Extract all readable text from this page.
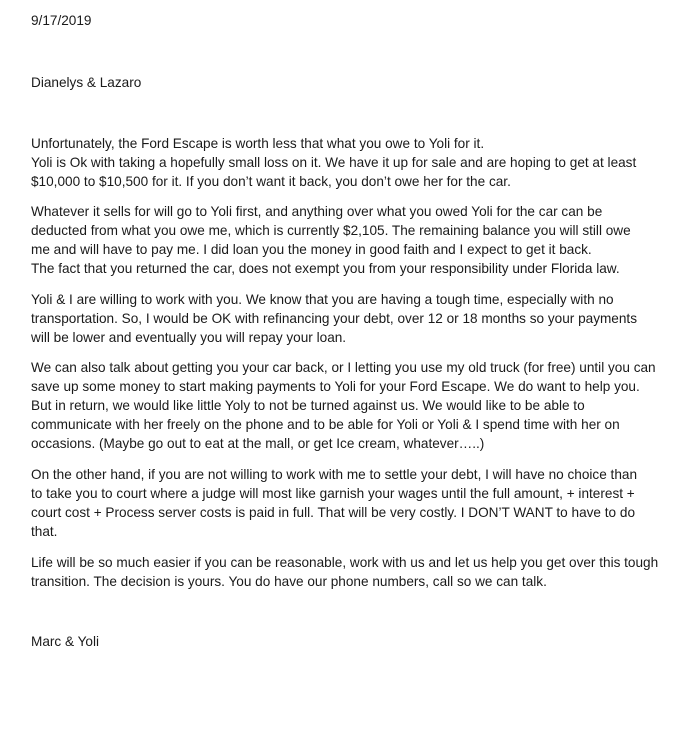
9/17/2019
Dianelys & Lazaro
Unfortunately, the Ford Escape is worth less that what you owe to Yoli for it.
Yoli is Ok with taking a hopefully small loss on it. We have it up for sale and are hoping to get at least
$10,000 to $10,500 for it. If you don’t want it back, you don’t owe her for the car.
Whatever it sells for will go to Yoli first, and anything over what you owed Yoli for the car can be
deducted from what you owe me, which is currently $2,105. The remaining balance you will still owe
me and will have to pay me. I did loan you the money in good faith and I expect to get it back.
The fact that you returned the car, does not exempt you from your responsibility under Florida law.
Yoli & I are willing to work with you. We know that you are having a tough time, especially with no
transportation. So, I would be OK with refinancing your debt, over 12 or 18 months so your payments
will be lower and eventually you will repay your loan.
We can also talk about getting you your car back, or I letting you use my old truck (for free) until you can
save up some money to start making payments to Yoli for your Ford Escape. We do want to help you.
But in return, we would like little Yoly to not be turned against us. We would like to be able to
communicate with her freely on the phone and to be able for Yoli or Yoli & I spend time with her on
occasions. (Maybe go out to eat at the mall, or get Ice cream, whatever…..)
On the other hand, if you are not willing to work with me to settle your debt, I will have no choice than
to take you to court where a judge will most like garnish your wages until the full amount, + interest +
court cost + Process server costs is paid in full. That will be very costly. I DON’T WANT to have to do
that.
Life will be so much easier if you can be reasonable, work with us and let us help you get over this tough
transition. The decision is yours. You do have our phone numbers, call so we can talk.
Marc & Yoli
